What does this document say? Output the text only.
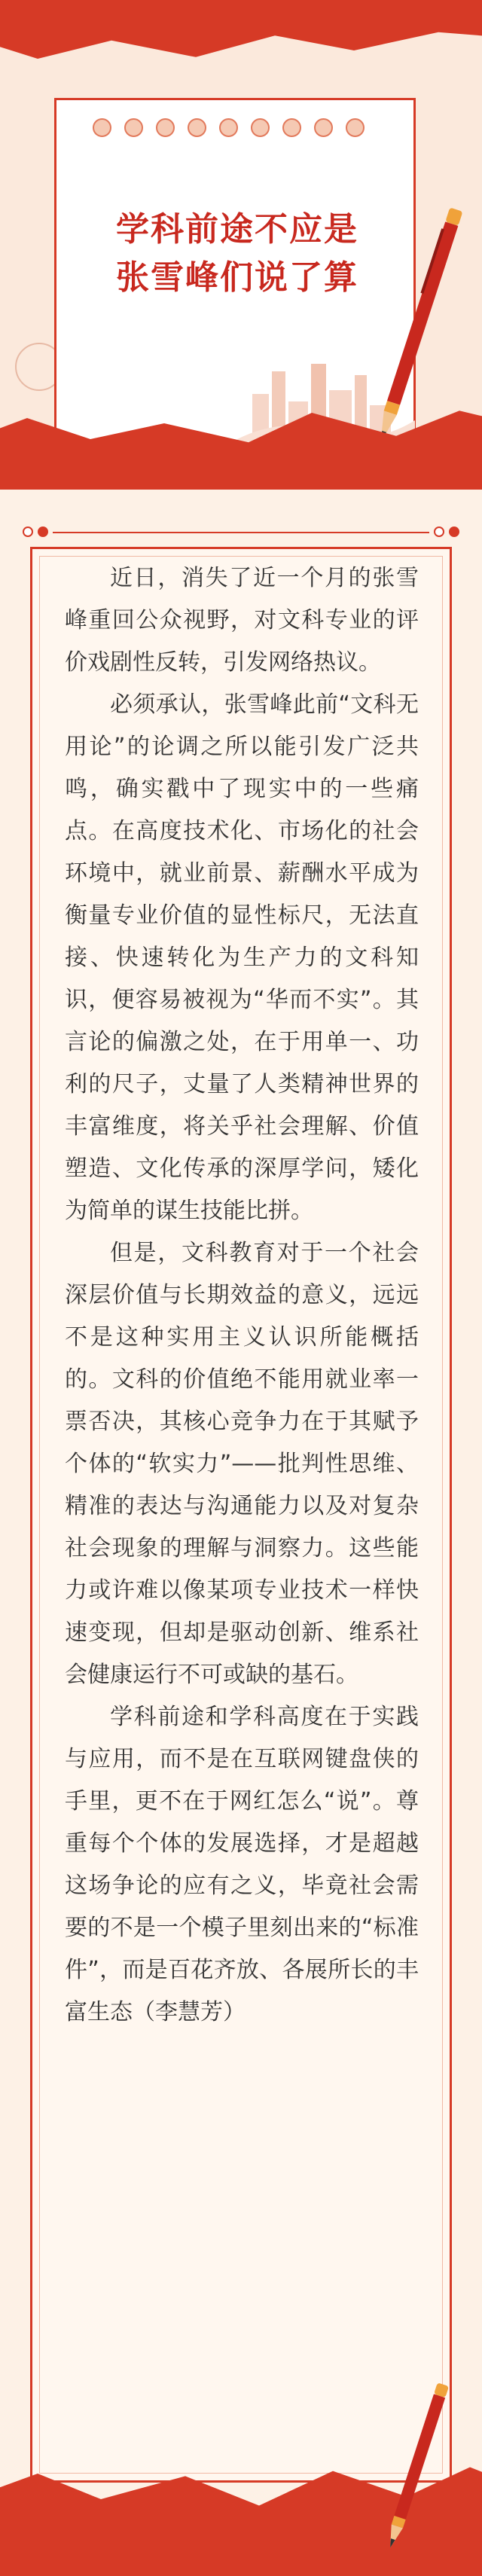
学科前途不应是
张雪峰们说了算

近日，消失了近一个月的张雪峰重回公众视野，对文科专业的评价戏剧性反转，引发网络热议。

必须承认，张雪峰此前“文科无用论”的论调之所以能引发广泛共鸣，确实戳中了现实中的一些痛点。在高度技术化、市场化的社会环境中，就业前景、薪酬水平成为衡量专业价值的显性标尺，无法直接、快速转化为生产力的文科知识，便容易被视为“华而不实”。其言论的偏激之处，在于用单一、功利的尺子，丈量了人类精神世界的丰富维度，将关乎社会理解、价值塑造、文化传承的深厚学问，矮化为简单的谋生技能比拼。

但是，文科教育对于一个社会深层价值与长期效益的意义，远远不是这种实用主义认识所能概括的。文科的价值绝不能用就业率一票否决，其核心竞争力在于其赋予个体的“软实力”——批判性思维、精准的表达与沟通能力以及对复杂社会现象的理解与洞察力。这些能力或许难以像某项专业技术一样快速变现，但却是驱动创新、维系社会健康运行不可或缺的基石。

学科前途和学科高度在于实践与应用，而不是在互联网键盘侠的手里，更不在于网红怎么“说”。尊重每个个体的发展选择，才是超越这场争论的应有之义，毕竟社会需要的不是一个模子里刻出来的“标准件”，而是百花齐放、各展所长的丰富生态（李慧芳）
